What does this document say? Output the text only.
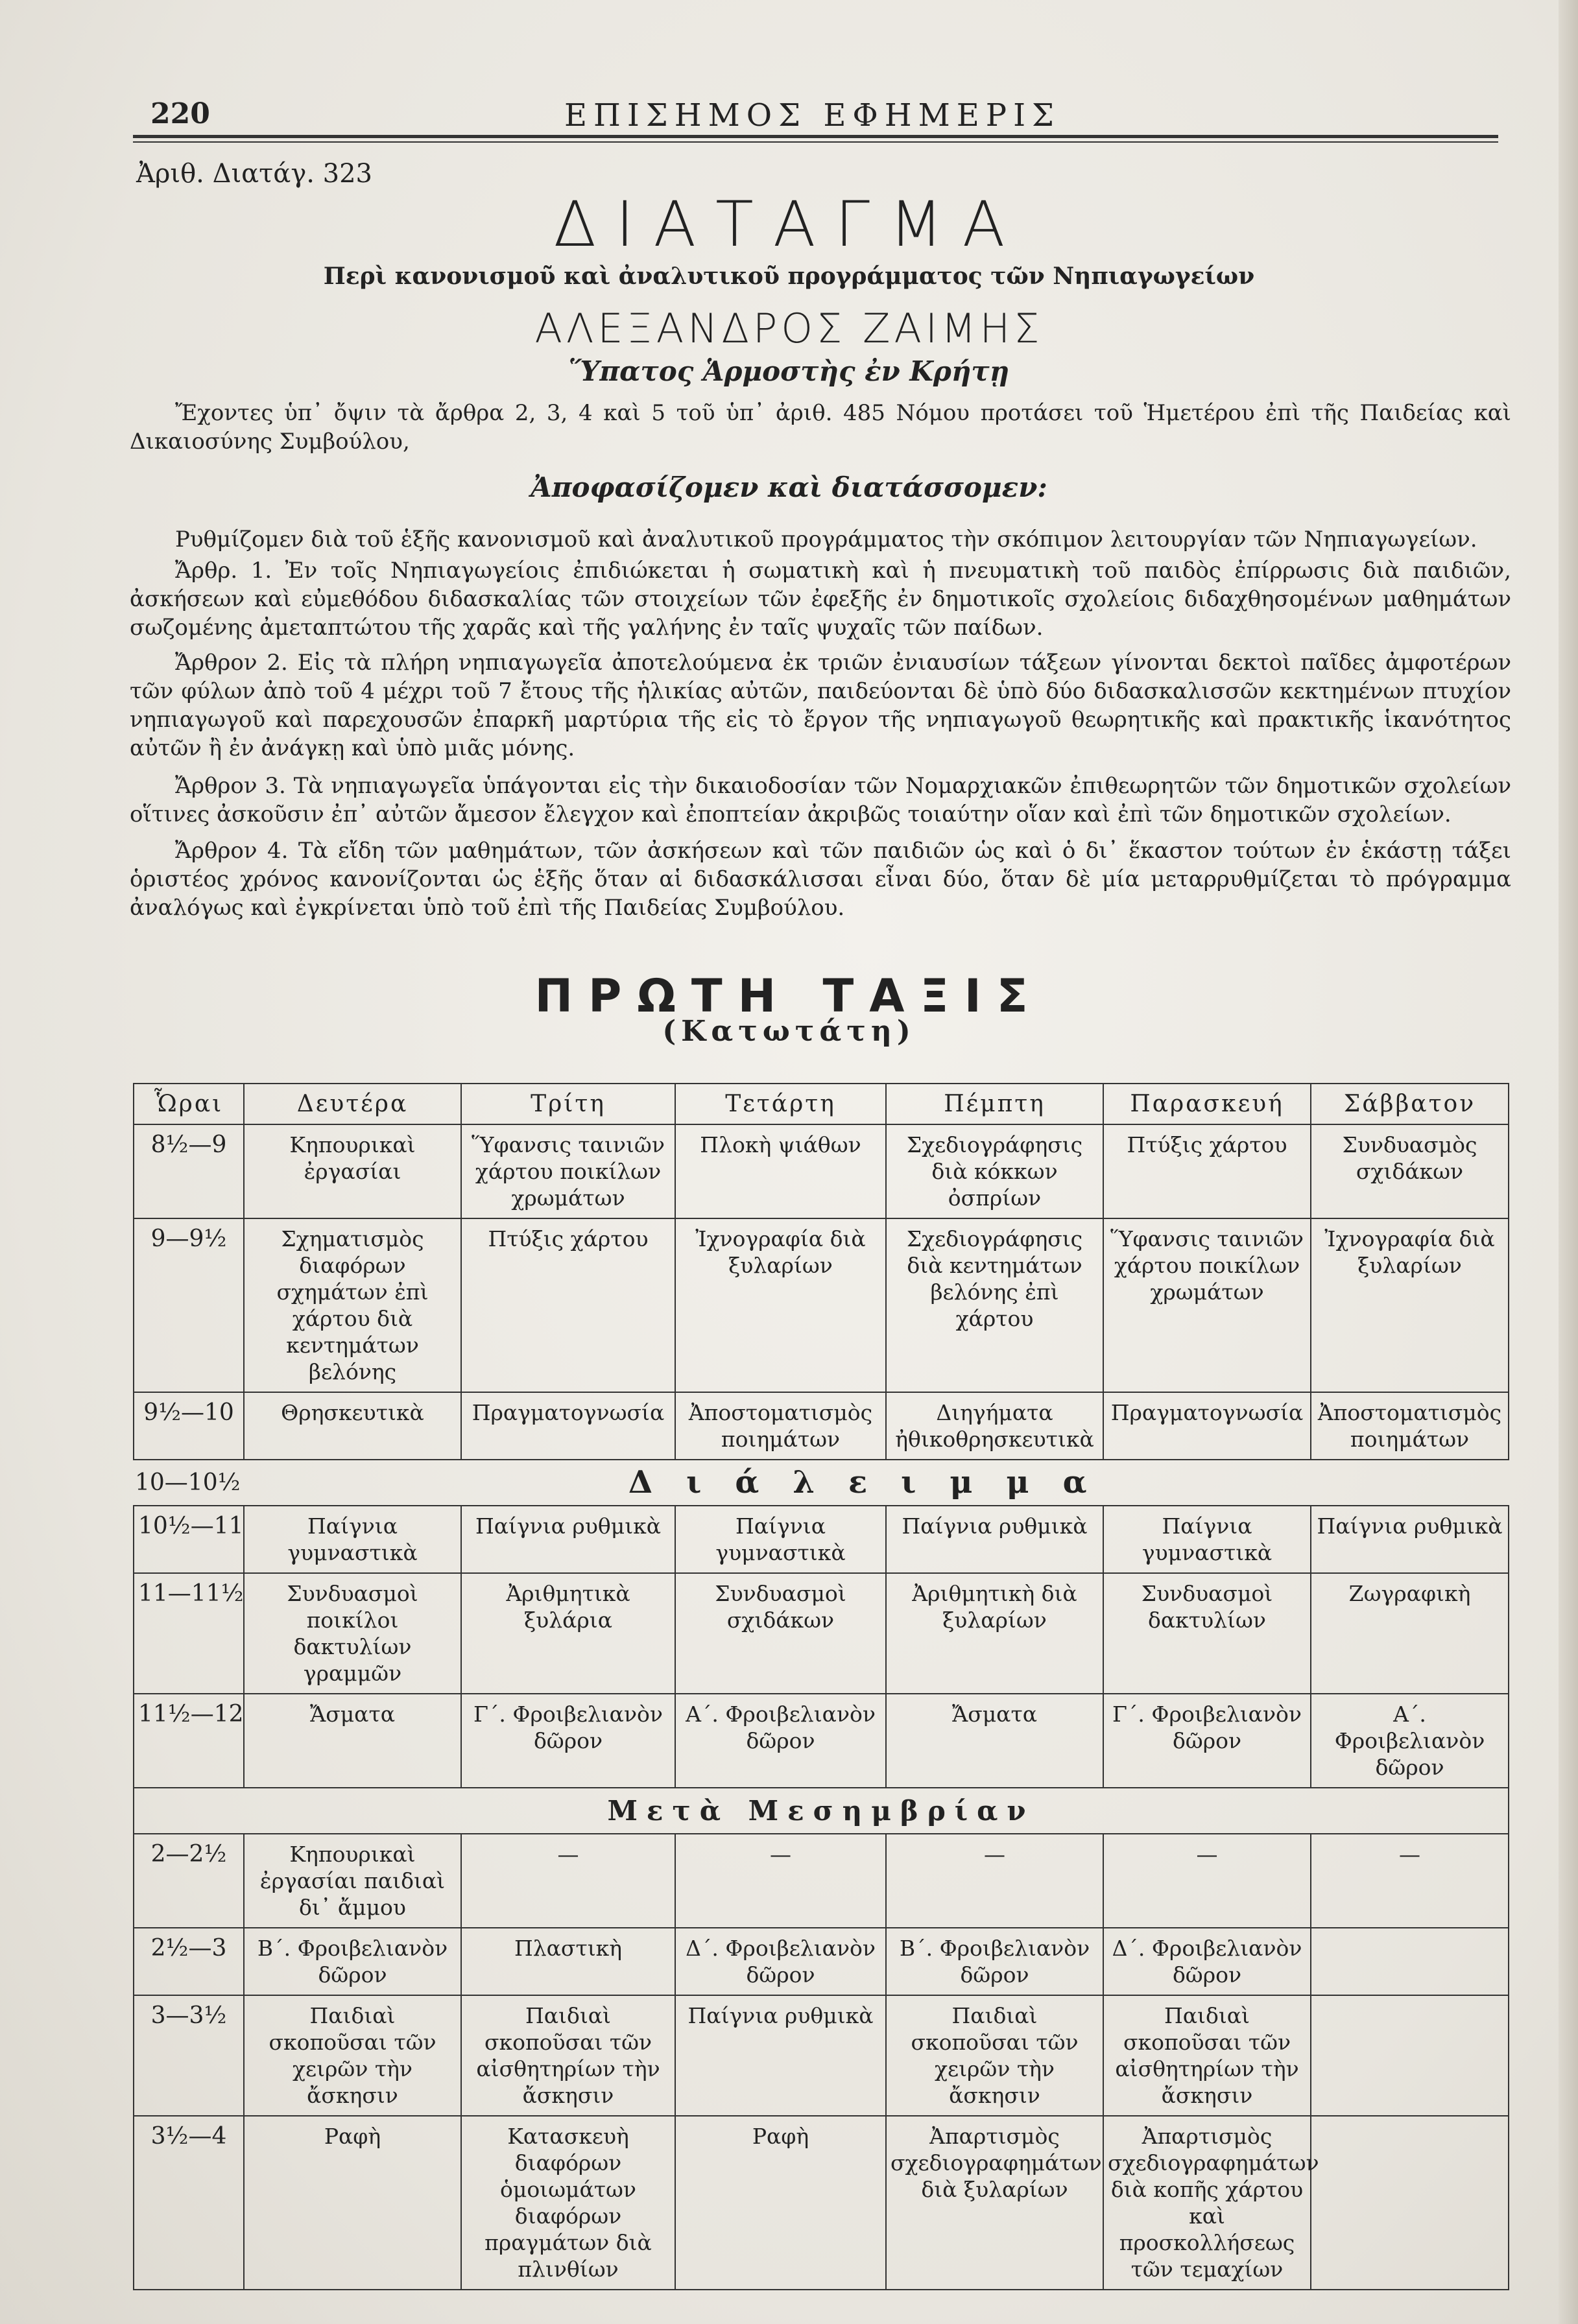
220	ΕΠΙΣΗΜΟΣ ΕΦΗΜΕΡΙΣ
Ἀριθ. Διατάγ. 323
ΔΙΑΤΑΓΜΑ
Περὶ κανονισμοῦ καὶ ἀναλυτικοῦ προγράμματος τῶν Νηπιαγωγείων
ΑΛΕΞΑΝΔΡΟΣ ΖΑΙΜΗΣ
Ὕπατος Ἁρμοστὴς ἐν Κρήτῃ
Ἔχοντες ὑπ᾽ ὄψιν τὰ ἄρθρα 2, 3, 4 καὶ 5 τοῦ ὑπ᾽ ἀριθ. 485 Νόμου προτάσει τοῦ Ἡμετέρου ἐπὶ τῆς Παιδείας καὶ Δικαιοσύνης Συμβούλου,
Ἀποφασίζομεν καὶ διατάσσομεν:
Ρυθμίζομεν διὰ τοῦ ἑξῆς κανονισμοῦ καὶ ἀναλυτικοῦ προγράμματος τὴν σκόπιμον λειτουργίαν τῶν Νηπιαγωγείων.
Ἄρθρ. 1. Ἐν τοῖς Νηπιαγωγείοις ἐπιδιώκεται ἡ σωματικὴ καὶ ἡ πνευματικὴ τοῦ παιδὸς ἐπίρρωσις διὰ παιδιῶν, ἀσκήσεων καὶ εὐμεθόδου διδασκαλίας τῶν στοιχείων τῶν ἐφεξῆς ἐν δημοτικοῖς σχολείοις διδαχθησομένων μαθημάτων σωζομένης ἀμεταπτώτου τῆς χαρᾶς καὶ τῆς γαλήνης ἐν ταῖς ψυχαῖς τῶν παίδων.
Ἄρθρον 2. Εἰς τὰ πλήρη νηπιαγωγεῖα ἀποτελούμενα ἐκ τριῶν ἐνιαυσίων τάξεων γίνονται δεκτοὶ παῖδες ἀμφοτέρων τῶν φύλων ἀπὸ τοῦ 4 μέχρι τοῦ 7 ἔτους τῆς ἡλικίας αὐτῶν, παιδεύονται δὲ ὑπὸ δύο διδασκαλισσῶν κεκτημένων πτυχίον νηπιαγωγοῦ καὶ παρεχουσῶν ἐπαρκῆ μαρτύρια τῆς εἰς τὸ ἔργον τῆς νηπιαγωγοῦ θεωρητικῆς καὶ πρακτικῆς ἱκανότητος αὐτῶν ἢ ἐν ἀνάγκῃ καὶ ὑπὸ μιᾶς μόνης.
Ἄρθρον 3. Τὰ νηπιαγωγεῖα ὑπάγονται εἰς τὴν δικαιοδοσίαν τῶν Νομαρχιακῶν ἐπιθεωρητῶν τῶν δημοτικῶν σχολείων οἵτινες ἀσκοῦσιν ἐπ᾽ αὐτῶν ἄμεσον ἔλεγχον καὶ ἐποπτείαν ἀκριβῶς τοιαύτην οἵαν καὶ ἐπὶ τῶν δημοτικῶν σχολείων.
Ἄρθρον 4. Τὰ εἴδη τῶν μαθημάτων, τῶν ἀσκήσεων καὶ τῶν παιδιῶν ὡς καὶ ὁ δι᾽ ἕκαστον τούτων ἐν ἑκάστῃ τάξει ὁριστέος χρόνος κανονίζονται ὡς ἑξῆς ὅταν αἱ διδασκάλισσαι εἶναι δύο, ὅταν δὲ μία μεταρρυθμίζεται τὸ πρόγραμμα ἀναλόγως καὶ ἐγκρίνεται ὑπὸ τοῦ ἐπὶ τῆς Παιδείας Συμβούλου.
ΠΡΩΤΗ ΤΑΞΙΣ
(Κατωτάτη)
Ὧραι	Δευτέρα	Τρίτη	Τετάρτη	Πέμπτη	Παρασκευή	Σάββατον
8½—9	Κηπουρικαὶ ἐργασίαι	Ὕφανσις ταινιῶν χάρτου ποικίλων χρωμάτων	Πλοκὴ ψιάθων	Σχεδιογράφησις διὰ κόκκων ὀσπρίων	Πτύξις χάρτου	Συνδυασμὸς σχιδάκων
9—9½	Σχηματισμὸς διαφόρων σχημάτων ἐπὶ χάρτου διὰ κεντημάτων βελόνης	Πτύξις χάρτου	Ἰχνογραφία διὰ ξυλαρίων	Σχεδιογράφησις διὰ κεντημάτων βελόνης ἐπὶ χάρτου	Ὕφανσις ταινιῶν χάρτου ποικίλων χρωμάτων	Ἰχνογραφία διὰ ξυλαρίων
9½—10	Θρησκευτικὰ	Πραγματογνωσία	Ἀποστοματισμὸς ποιημάτων	Διηγήματα ἠθικοθρησκευτικὰ	Πραγματογνωσία	Ἀποστοματισμὸς ποιημάτων

10—10½ Διάλειμμα						
10½—11	Παίγνια γυμναστικὰ	Παίγνια ρυθμικὰ	Παίγνια γυμναστικὰ	Παίγνια ρυθμικὰ	Παίγνια γυμναστικὰ	Παίγνια ρυθμικὰ
11—11½	Συνδυασμοὶ ποικίλοι δακτυλίων γραμμῶν	Ἀριθμητικὰ ξυλάρια	Συνδυασμοὶ σχιδάκων	Ἀριθμητικὴ διὰ ξυλαρίων	Συνδυασμοὶ δακτυλίων	Ζωγραφικὴ
11½—12	Ἄσματα	Γ΄. Φροιβελιανὸν δῶρον	Α΄. Φροιβελιανὸν δῶρον	Ἄσματα	Γ΄. Φροιβελιανὸν δῶρον	Α΄. Φροιβελιανὸν δῶρον
Μετὰ Μεσημβρίαν						
2—2½	Κηπουρικαὶ ἐργασίαι παιδιαὶ δι᾽ ἄμμου	—	—	—	—	—
2½—3	Β΄. Φροιβελιανὸν δῶρον	Πλαστικὴ	Δ΄. Φροιβελιανὸν δῶρον	Β΄. Φροιβελιανὸν δῶρον	Δ΄. Φροιβελιανὸν δῶρον	
3—3½	Παιδιαὶ σκοποῦσαι τῶν χειρῶν τὴν ἄσκησιν	Παιδιαὶ σκοποῦσαι τῶν αἰσθητηρίων τὴν ἄσκησιν	Παίγνια ρυθμικὰ	Παιδιαὶ σκοποῦσαι τῶν χειρῶν τὴν ἄσκησιν	Παιδιαὶ σκοποῦσαι τῶν αἰσθητηρίων τὴν ἄσκησιν	
3½—4	Ραφὴ	Κατασκευὴ διαφόρων ὁμοιωμάτων διαφόρων πραγμάτων διὰ πλινθίων	Ραφὴ	Ἀπαρτισμὸς σχεδιογραφημάτων διὰ ξυλαρίων	Ἀπαρτισμὸς σχεδιογραφημάτων διὰ κοπῆς χάρτου καὶ προσκολλήσεως τῶν τεμαχίων	
